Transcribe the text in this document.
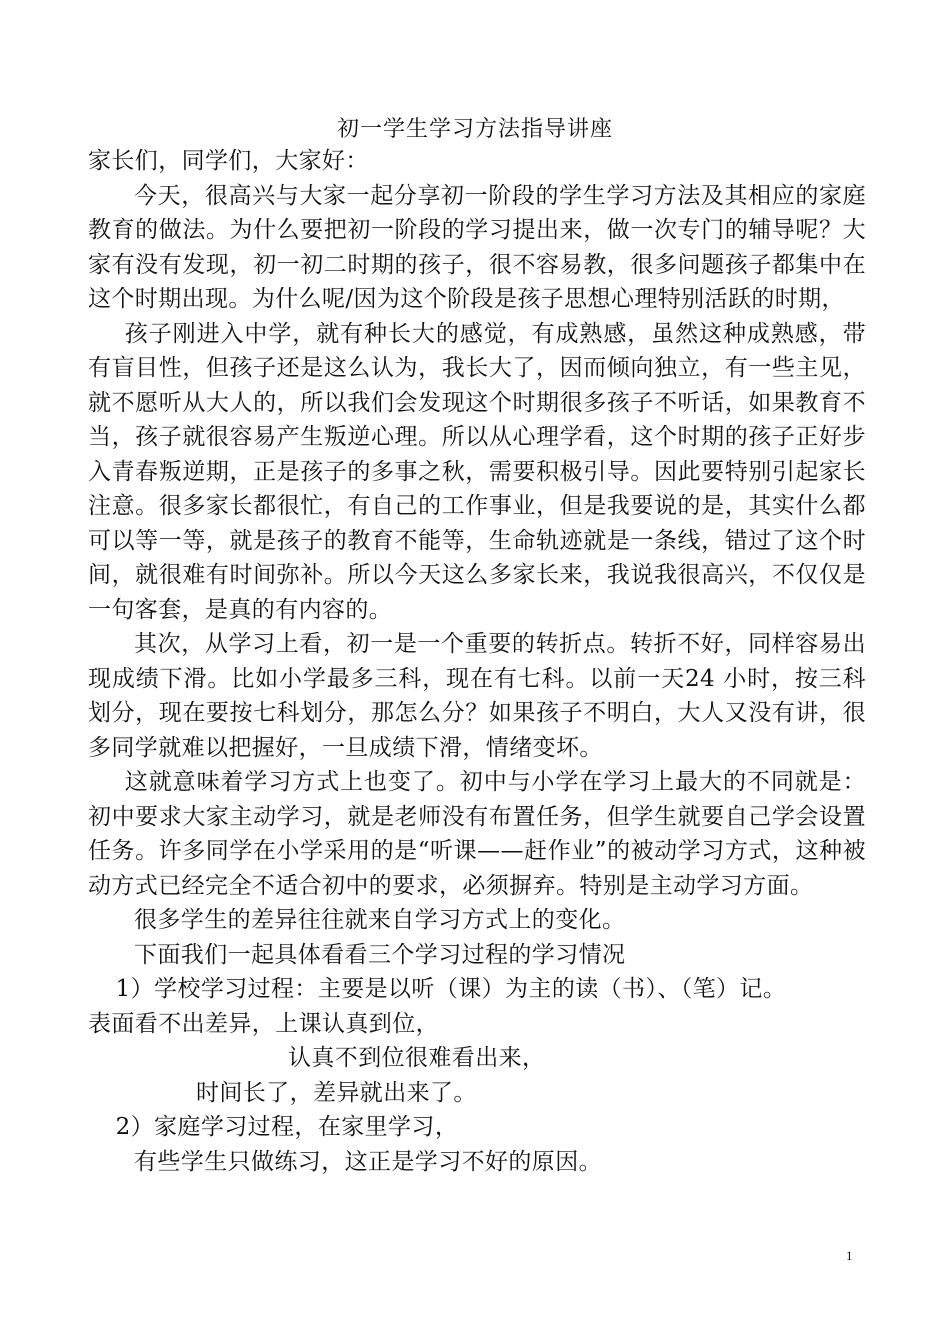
初一学生学习方法指导讲座

家长们，同学们，大家好：

今天，很高兴与大家一起分享初一阶段的学生学习方法及其相应的家庭教育的做法。为什么要把初一阶段的学习提出来，做一次专门的辅导呢？大家有没有发现，初一初二时期的孩子，很不容易教，很多问题孩子都集中在这个时期出现。为什么呢/因为这个阶段是孩子思想心理特别活跃的时期，

孩子刚进入中学，就有种长大的感觉，有成熟感，虽然这种成熟感，带有盲目性，但孩子还是这么认为，我长大了，因而倾向独立，有一些主见，就不愿听从大人的，所以我们会发现这个时期很多孩子不听话，如果教育不当，孩子就很容易产生叛逆心理。所以从心理学看，这个时期的孩子正好步入青春叛逆期，正是孩子的多事之秋，需要积极引导。因此要特别引起家长注意。很多家长都很忙，有自己的工作事业，但是我要说的是，其实什么都可以等一等，就是孩子的教育不能等，生命轨迹就是一条线，错过了这个时间，就很难有时间弥补。所以今天这么多家长来，我说我很高兴，不仅仅是一句客套，是真的有内容的。

其次，从学习上看，初一是一个重要的转折点。转折不好，同样容易出现成绩下滑。比如小学最多三科，现在有七科。以前一天24 小时，按三科划分，现在要按七科划分，那怎么分？如果孩子不明白，大人又没有讲，很多同学就难以把握好，一旦成绩下滑，情绪变坏。

这就意味着学习方式上也变了。初中与小学在学习上最大的不同就是：初中要求大家主动学习，就是老师没有布置任务，但学生就要自己学会设置任务。许多同学在小学采用的是“听课——赶作业”的被动学习方式，这种被动方式已经完全不适合初中的要求，必须摒弃。特别是主动学习方面。

很多学生的差异往往就来自学习方式上的变化。

下面我们一起具体看看三个学习过程的学习情况

1）学校学习过程：主要是以听（课）为主的读（书）、（笔）记。

表面看不出差异，上课认真到位，

认真不到位很难看出来，

时间长了，差异就出来了。

2）家庭学习过程，在家里学习，

有些学生只做练习，这正是学习不好的原因。

1
